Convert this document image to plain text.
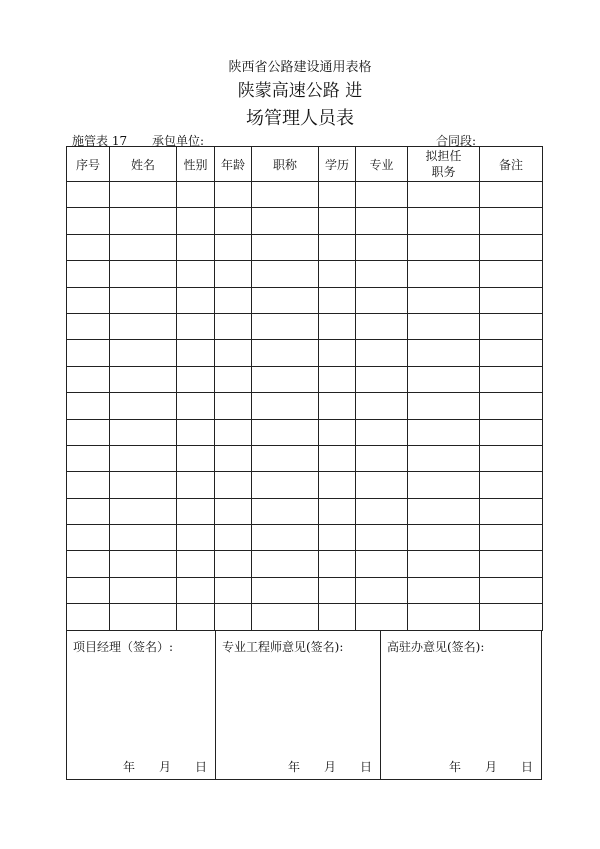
陕西省公路建设通用表格
陕蒙高速公路 进
场管理人员表
施管表 17 承包单位:	合同段:
序号	姓名	性别	年龄	职称	学历	专业	拟担任职务	备注

项目经理（签名）:
年 月 日
专业工程师意见(签名):
年 月 日
高驻办意见(签名):
年 月 日
